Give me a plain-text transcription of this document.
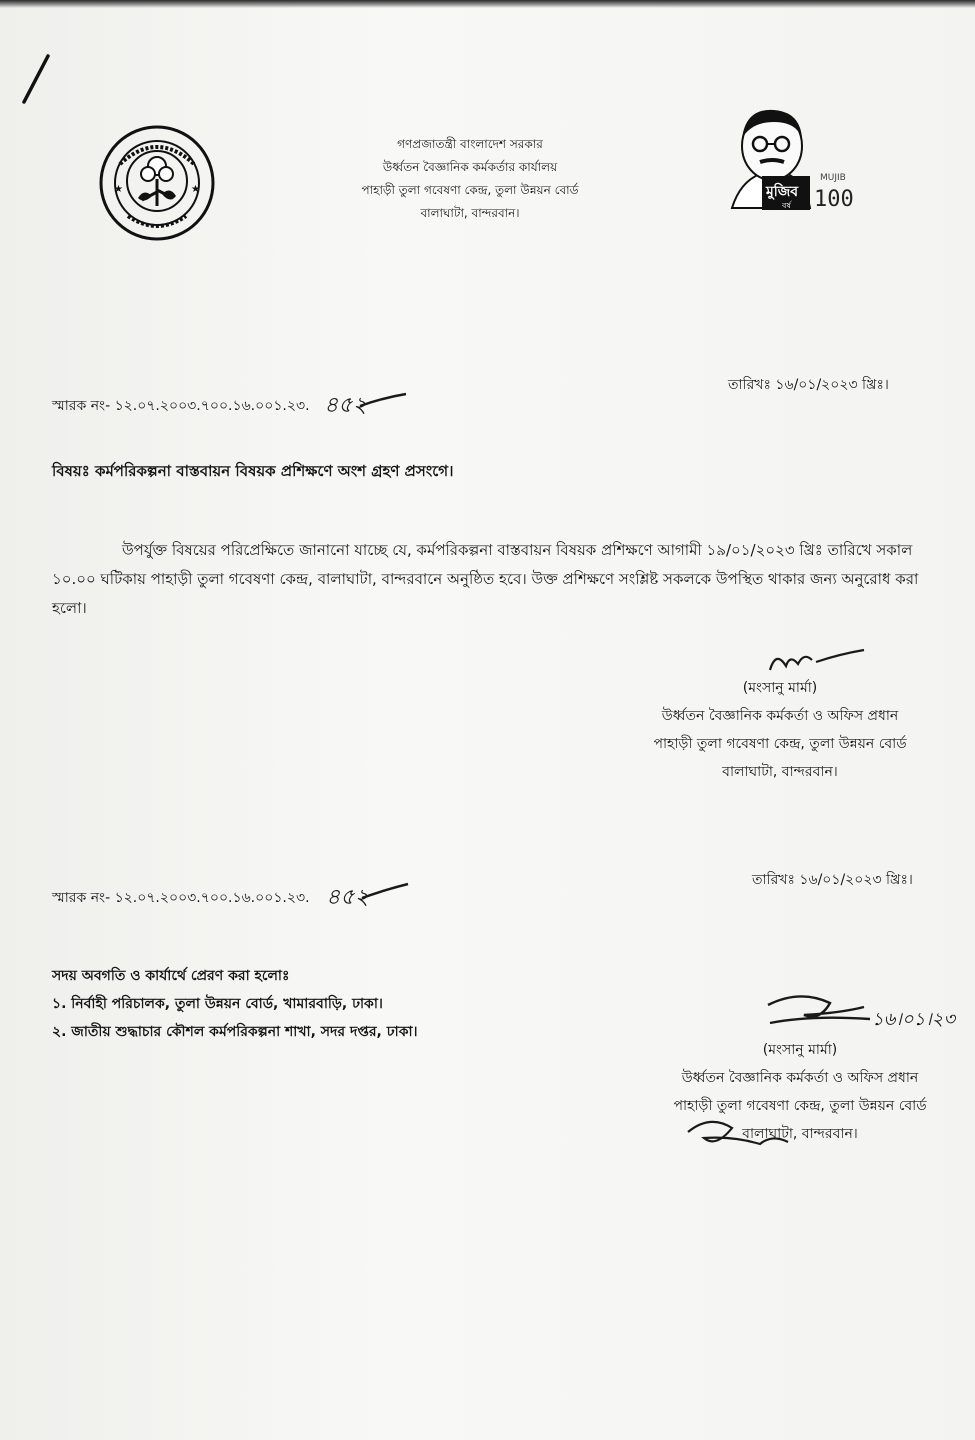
★	★
গণপ্রজাতন্ত্রী বাংলাদেশ সরকার
উর্ধ্বতন বৈজ্ঞানিক কর্মকর্তার কার্যালয়
পাহাড়ী তুলা গবেষণা কেন্দ্র, তুলা উন্নয়ন বোর্ড
বালাঘাটা, বান্দরবান।
মুজিব
বর্ষ
MUJIB
100
স্মারক নং- ১২.০৭.২০০৩.৭০০.১৬.০০১.২৩. ৪৫২
তারিখঃ ১৬/০১/২০২৩ খ্রিঃ।
বিষয়ঃ কর্মপরিকল্পনা বাস্তবায়ন বিষয়ক প্রশিক্ষণে অংশ গ্রহণ প্রসংগে।
উপর্যুক্ত বিষয়ের পরিপ্রেক্ষিতে জানানো যাচ্ছে যে, কর্মপরিকল্পনা বাস্তবায়ন বিষয়ক প্রশিক্ষণে আগামী ১৯/০১/২০২৩ খ্রিঃ তারিখে সকাল ১০.০০ ঘটিকায় পাহাড়ী তুলা গবেষণা কেন্দ্র, বালাঘাটা, বান্দরবানে অনুষ্ঠিত হবে। উক্ত প্রশিক্ষণে সংশ্লিষ্ট সকলকে উপস্থিত থাকার জন্য অনুরোধ করা হলো।
(মংসানু মার্মা)
উর্ধ্বতন বৈজ্ঞানিক কর্মকর্তা ও অফিস প্রধান
পাহাড়ী তুলা গবেষণা কেন্দ্র, তুলা উন্নয়ন বোর্ড
বালাঘাটা, বান্দরবান।
স্মারক নং- ১২.০৭.২০০৩.৭০০.১৬.০০১.২৩. ৪৫২
তারিখঃ ১৬/০১/২০২৩ খ্রিঃ।
সদয় অবগতি ও কার্যার্থে প্রেরণ করা হলোঃ
১. নির্বাহী পরিচালক, তুলা উন্নয়ন বোর্ড, খামারবাড়ি, ঢাকা।
২. জাতীয় শুদ্ধাচার কৌশল কর্মপরিকল্পনা শাখা, সদর দপ্তর, ঢাকা।
১৬।০১।২৩
(মংসানু মার্মা)
উর্ধ্বতন বৈজ্ঞানিক কর্মকর্তা ও অফিস প্রধান
পাহাড়ী তুলা গবেষণা কেন্দ্র, তুলা উন্নয়ন বোর্ড
বালাঘাটা, বান্দরবান।
